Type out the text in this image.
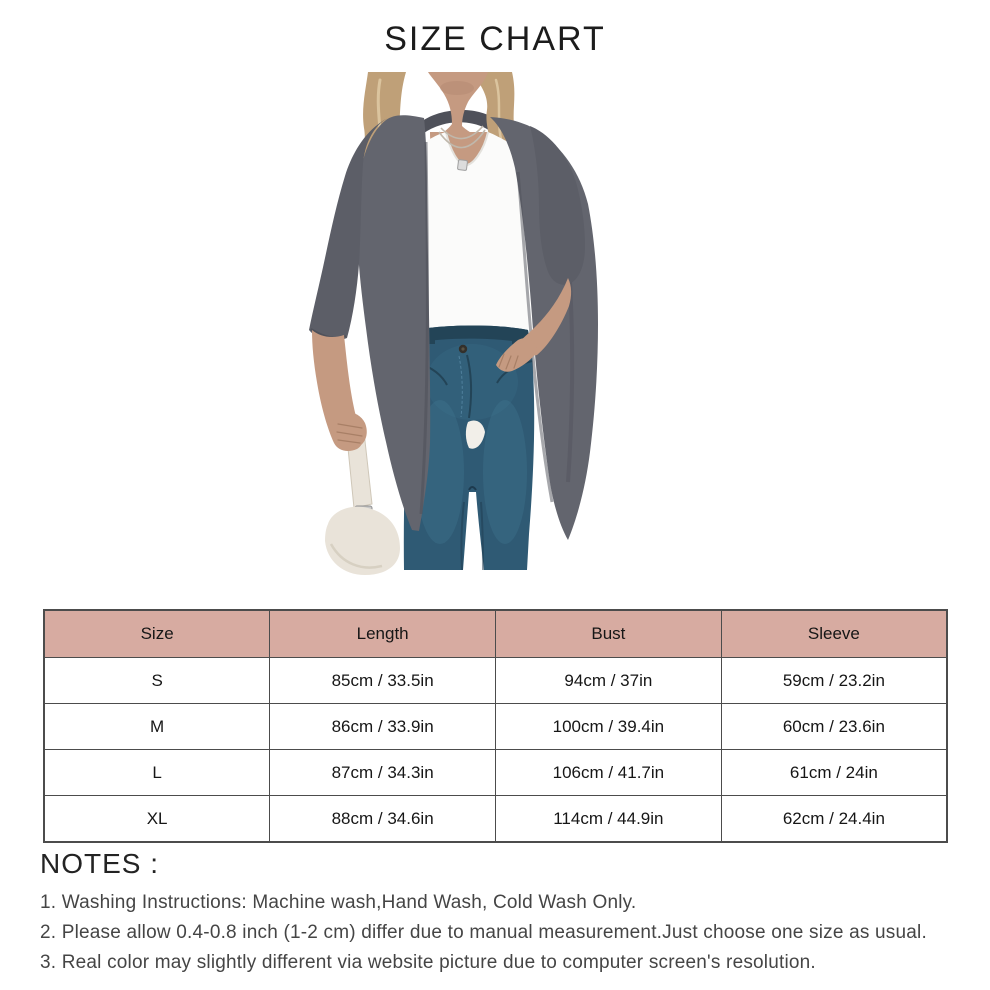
SIZE CHART
Size	Length	Bust	Sleeve
S	85cm / 33.5in	94cm / 37in	59cm / 23.2in
M	86cm / 33.9in	100cm / 39.4in	60cm / 23.6in
L	87cm / 34.3in	106cm / 41.7in	61cm / 24in
XL	88cm / 34.6in	114cm / 44.9in	62cm / 24.4in
NOTES :

1. Washing Instructions: Machine wash,Hand Wash, Cold Wash Only.

2. Please allow 0.4-0.8 inch (1-2 cm) differ due to manual measurement.Just choose one size as usual.

3. Real color may slightly different via website picture due to computer screen's resolution.
